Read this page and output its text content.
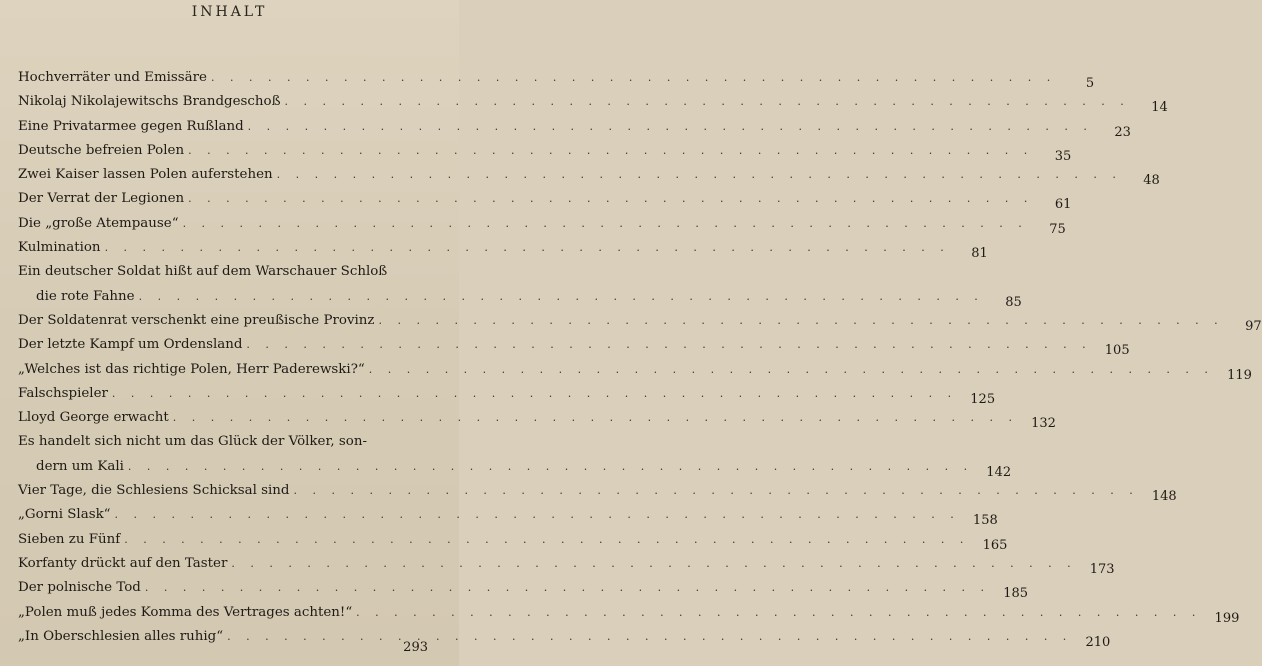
INHALT
Hochverräter und Emissäre . . . . . . . . . . . . . . . . . . . . . . . . . . . . . . . . . . . . . . . . . . . . .	5
Nikolaj Nikolajewitschs Brandgeschoß . . . . . . . . . . . . . . . . . . . . . . . . . . . . . . . . . . . . . . . . . . . . .	14
Eine Privatarmee gegen Rußland . . . . . . . . . . . . . . . . . . . . . . . . . . . . . . . . . . . . . . . . . . . . .	23
Deutsche befreien Polen . . . . . . . . . . . . . . . . . . . . . . . . . . . . . . . . . . . . . . . . . . . . .	35
Zwei Kaiser lassen Polen auferstehen . . . . . . . . . . . . . . . . . . . . . . . . . . . . . . . . . . . . . . . . . . . . .	48
Der Verrat der Legionen . . . . . . . . . . . . . . . . . . . . . . . . . . . . . . . . . . . . . . . . . . . . .	61
Die „große Atempause“ . . . . . . . . . . . . . . . . . . . . . . . . . . . . . . . . . . . . . . . . . . . . .	75
Kulmination . . . . . . . . . . . . . . . . . . . . . . . . . . . . . . . . . . . . . . . . . . . . .	81
Ein deutscher Soldat hißt auf dem Warschauer Schloß
die rote Fahne . . . . . . . . . . . . . . . . . . . . . . . . . . . . . . . . . . . . . . . . . . . . .	85
Der Soldatenrat verschenkt eine preußische Provinz . . . . . . . . . . . . . . . . . . . . . . . . . . . . . . . . . . . . . . . . . . . . .	97
Der letzte Kampf um Ordensland . . . . . . . . . . . . . . . . . . . . . . . . . . . . . . . . . . . . . . . . . . . . .	105
„Welches ist das richtige Polen, Herr Paderewski?“ . . . . . . . . . . . . . . . . . . . . . . . . . . . . . . . . . . . . . . . . . . . . .	119
Falschspieler . . . . . . . . . . . . . . . . . . . . . . . . . . . . . . . . . . . . . . . . . . . . .	125
Lloyd George erwacht . . . . . . . . . . . . . . . . . . . . . . . . . . . . . . . . . . . . . . . . . . . . .	132
Es handelt sich nicht um das Glück der Völker, son-
dern um Kali . . . . . . . . . . . . . . . . . . . . . . . . . . . . . . . . . . . . . . . . . . . . .	142
Vier Tage, die Schlesiens Schicksal sind . . . . . . . . . . . . . . . . . . . . . . . . . . . . . . . . . . . . . . . . . . . . .	148
„Gorni Slask“ . . . . . . . . . . . . . . . . . . . . . . . . . . . . . . . . . . . . . . . . . . . . .	158
Sieben zu Fünf . . . . . . . . . . . . . . . . . . . . . . . . . . . . . . . . . . . . . . . . . . . . .	165
Korfanty drückt auf den Taster . . . . . . . . . . . . . . . . . . . . . . . . . . . . . . . . . . . . . . . . . . . . .	173
Der polnische Tod . . . . . . . . . . . . . . . . . . . . . . . . . . . . . . . . . . . . . . . . . . . . .	185
„Polen muß jedes Komma des Vertrages achten!“ . . . . . . . . . . . . . . . . . . . . . . . . . . . . . . . . . . . . . . . . . . . . .	199
„In Oberschlesien alles ruhig“ . . . . . . . . . . . . . . . . . . . . . . . . . . . . . . . . . . . . . . . . . . . . .	210
293
